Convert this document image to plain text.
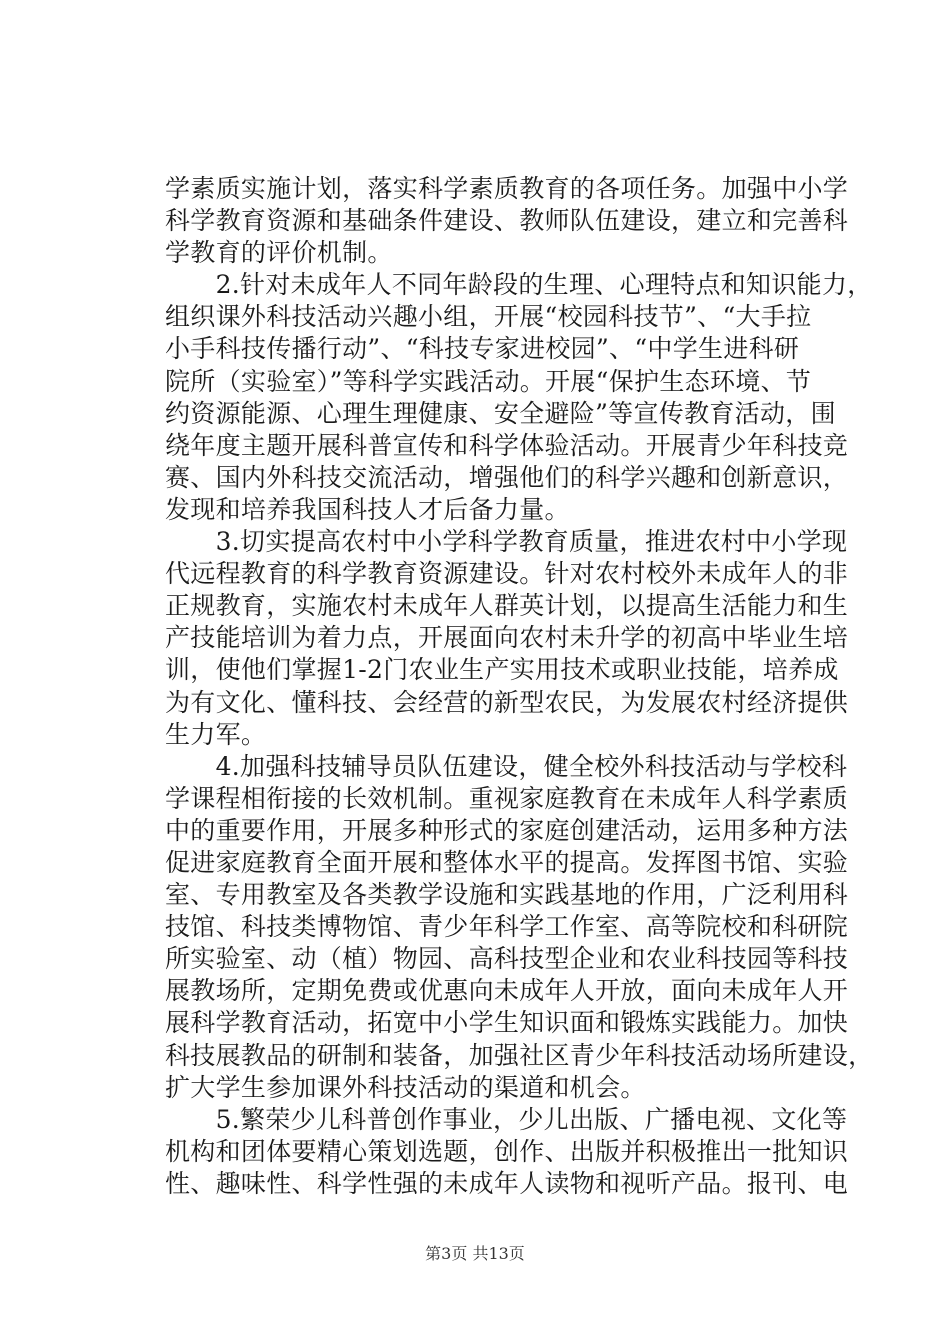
学素质实施计划，落实科学素质教育的各项任务。加强中小学
科学教育资源和基础条件建设、教师队伍建设，建立和完善科
学教育的评价机制。
　　2.针对未成年人不同年龄段的生理、心理特点和知识能力，
组织课外科技活动兴趣小组，开展“校园科技节”、“大手拉
小手科技传播行动”、“科技专家进校园”、“中学生进科研
院所（实验室）”等科学实践活动。开展“保护生态环境、节
约资源能源、心理生理健康、安全避险”等宣传教育活动，围
绕年度主题开展科普宣传和科学体验活动。开展青少年科技竞
赛、国内外科技交流活动，增强他们的科学兴趣和创新意识，
发现和培养我国科技人才后备力量。
　　3.切实提高农村中小学科学教育质量，推进农村中小学现
代远程教育的科学教育资源建设。针对农村校外未成年人的非
正规教育，实施农村未成年人群英计划，以提高生活能力和生
产技能培训为着力点，开展面向农村未升学的初高中毕业生培
训，使他们掌握1-2门农业生产实用技术或职业技能，培养成
为有文化、懂科技、会经营的新型农民，为发展农村经济提供
生力军。
　　4.加强科技辅导员队伍建设，健全校外科技活动与学校科
学课程相衔接的长效机制。重视家庭教育在未成年人科学素质
中的重要作用，开展多种形式的家庭创建活动，运用多种方法
促进家庭教育全面开展和整体水平的提高。发挥图书馆、实验
室、专用教室及各类教学设施和实践基地的作用，广泛利用科
技馆、科技类博物馆、青少年科学工作室、高等院校和科研院
所实验室、动（植）物园、高科技型企业和农业科技园等科技
展教场所，定期免费或优惠向未成年人开放，面向未成年人开
展科学教育活动，拓宽中小学生知识面和锻炼实践能力。加快
科技展教品的研制和装备，加强社区青少年科技活动场所建设，
扩大学生参加课外科技活动的渠道和机会。
　　5.繁荣少儿科普创作事业，少儿出版、广播电视、文化等
机构和团体要精心策划选题，创作、出版并积极推出一批知识
性、趣味性、科学性强的未成年人读物和视听产品。报刊、电
第3页 共13页
